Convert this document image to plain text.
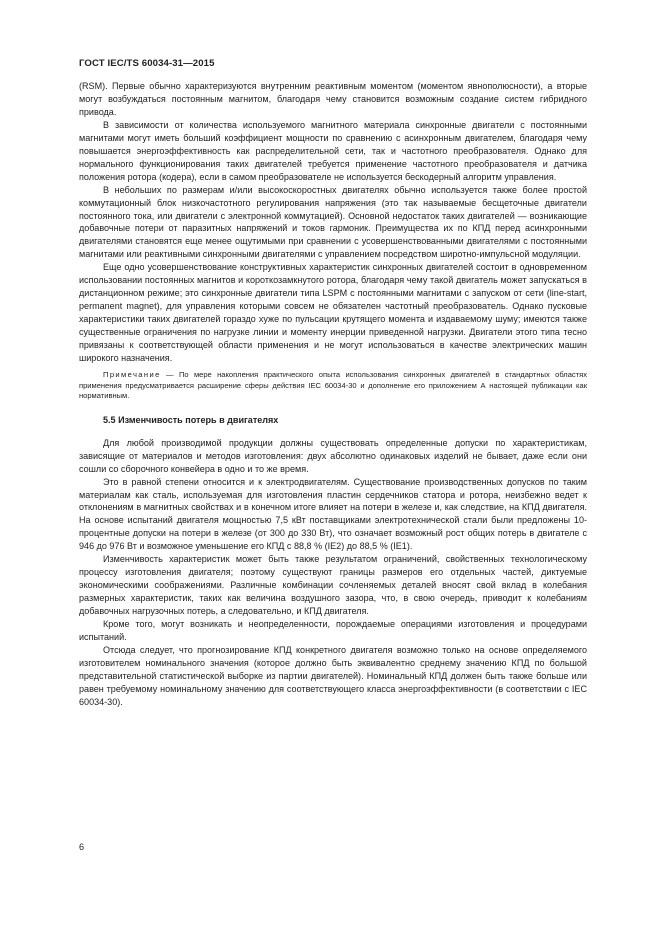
ГОСТ IEC/TS 60034-31—2015

(RSM). Первые обычно характеризуются внутренним реактивным моментом (моментом явнополюсности), а вторые могут возбуждаться постоянным магнитом, благодаря чему становится возможным создание систем гибридного привода.

В зависимости от количества используемого магнитного материала синхронные двигатели с постоянными магнитами могут иметь больший коэффициент мощности по сравнению с асинхронным двигателем, благодаря чему повышается энергоэффективность как распределительной сети, так и частотного преобразователя. Однако для нормального функционирования таких двигателей требуется применение частотного преобразователя и датчика положения ротора (кодера), если в самом преобразователе не используется бескодерный алгоритм управления.

В небольших по размерам и/или высокоскоростных двигателях обычно используется также более простой коммутационный блок низкочастотного регулирования напряжения (это так называемые бесщеточные двигатели постоянного тока, или двигатели с электронной коммутацией). Основной недостаток таких двигателей — возникающие добавочные потери от паразитных напряжений и токов гармоник. Преимущества их по КПД перед асинхронными двигателями становятся еще менее ощутимыми при сравнении с усовершенствованными двигателями с постоянными магнитами или реактивными синхронными двигателями с управлением посредством широтно-импульсной модуляции.

Еще одно усовершенствование конструктивных характеристик синхронных двигателей состоит в одновременном использовании постоянных магнитов и короткозамкнутого ротора, благодаря чему такой двигатель может запускаться в дистанционном режиме; это синхронные двигатели типа LSPM с постоянными магнитами с запуском от сети (line-start, permanent magnet), для управления которыми совсем не обязателен частотный преобразователь. Однако пусковые характеристики таких двигателей гораздо хуже по пульсации крутящего момента и издаваемому шуму; имеются также существенные ограничения по нагрузке линии и моменту инерции приведенной нагрузки. Двигатели этого типа тесно привязаны к соответствующей области применения и не могут использоваться в качестве электрических машин широкого назначения.

Примечание — По мере накопления практического опыта использования синхронных двигателей в стандартных областях применения предусматривается расширение сферы действия IEC 60034-30 и дополнение его приложением А настоящей публикации как нормативным.

5.5 Изменчивость потерь в двигателях

Для любой производимой продукции должны существовать определенные допуски по характеристикам, зависящие от материалов и методов изготовления: двух абсолютно одинаковых изделий не бывает, даже если они сошли со сборочного конвейера в одно и то же время.

Это в равной степени относится и к электродвигателям. Существование производственных допусков по таким материалам как сталь, используемая для изготовления пластин сердечников статора и ротора, неизбежно ведет к отклонениям в магнитных свойствах и в конечном итоге влияет на потери в железе и, как следствие, на КПД двигателя. На основе испытаний двигателя мощностью 7,5 кВт поставщиками электротехнической стали были предложены 10-процентные допуски на потери в железе (от 300 до 330 Вт), что означает возможный рост общих потерь в двигателе с 946 до 976 Вт и возможное уменьшение его КПД с 88,8 % (IE2) до 88,5 % (IE1).

Изменчивость характеристик может быть также результатом ограничений, свойственных технологическому процессу изготовления двигателя; поэтому существуют границы размеров его отдельных частей, диктуемые экономическими соображениями. Различные комбинации сочленяемых деталей вносят свой вклад в колебания размерных характеристик, таких как величина воздушного зазора, что, в свою очередь, приводит к колебаниям добавочных нагрузочных потерь, а следовательно, и КПД двигателя.

Кроме того, могут возникать и неопределенности, порождаемые операциями изготовления и процедурами испытаний.

Отсюда следует, что прогнозирование КПД конкретного двигателя возможно только на основе определяемого изготовителем номинального значения (которое должно быть эквивалентно среднему значению КПД по большой представительной статистической выборке из партии двигателей). Номинальный КПД должен быть также больше или равен требуемому номинальному значению для соответствующего класса энергоэффективности (в соответствии с IEC 60034-30).

6
